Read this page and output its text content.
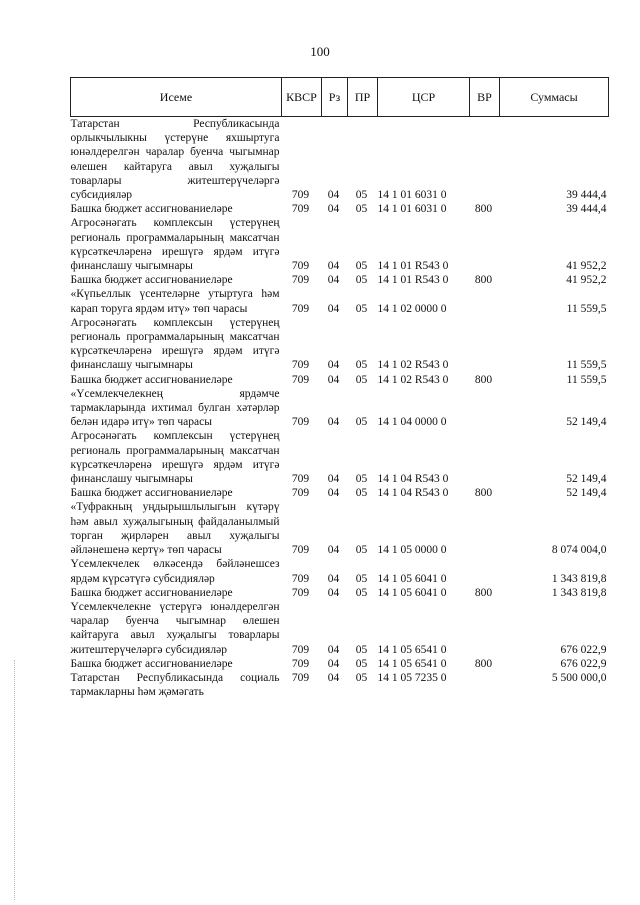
100
Исеме	КВСР	Рз	ПР	ЦСР	ВР	Суммасы
Татарстан Республикасында орлыкчылыкны үстерүне яхшыртуга юнәлдерелгән чаралар буенча чыгымнар өлешен кайтаруга авыл хуҗалыгы товарлары житештерүчеләргә субсидияләр	709	04	05	14 1 01 6031 0		39 444,4
Башка бюджет ассигнованиеләре	709	04	05	14 1 01 6031 0	800	39 444,4
Агросәнәгать комплексын үстерүнең региональ программаларының максатчан күрсәткечләренә ирешүгә ярдәм итүгә финанслашу чыгымнары	709	04	05	14 1 01 R543 0		41 952,2
Башка бюджет ассигнованиеләре	709	04	05	14 1 01 R543 0	800	41 952,2
«Күпьеллык үсентеләрне утыртуга һәм карап торуга ярдәм итү» төп чарасы	709	04	05	14 1 02 0000 0		11 559,5
Агросәнәгать комплексын үстерүнең региональ программаларының максатчан күрсәткечләренә ирешүгә ярдәм итүгә финанслашу чыгымнары	709	04	05	14 1 02 R543 0		11 559,5
Башка бюджет ассигнованиеләре	709	04	05	14 1 02 R543 0	800	11 559,5
«Үсемлекчелекнең ярдәмче тармакларында ихтимал булган хәтәрләр белән идарә итү» төп чарасы	709	04	05	14 1 04 0000 0		52 149,4
Агросәнәгать комплексын үстерүнең региональ программаларының максатчан күрсәткечләренә ирешүгә ярдәм итүгә финанслашу чыгымнары	709	04	05	14 1 04 R543 0		52 149,4
Башка бюджет ассигнованиеләре	709	04	05	14 1 04 R543 0	800	52 149,4
«Туфракның уңдырышлылыгын күтәрү һәм авыл хуҗалыгының файдаланылмый торган җирләрен авыл хуҗалыгы әйләнешенә кертү» төп чарасы	709	04	05	14 1 05 0000 0		8 074 004,0
Үсемлекчелек өлкәсендә бәйләнешсез ярдәм күрсәтүгә субсидияләр	709	04	05	14 1 05 6041 0		1 343 819,8
Башка бюджет ассигнованиеләре	709	04	05	14 1 05 6041 0	800	1 343 819,8
Үсемлекчелекне үстерүгә юнәлдерелгән чаралар буенча чыгымнар өлешен кайтаруга авыл хуҗалыгы товарлары житештерүчеләргә субсидияләр	709	04	05	14 1 05 6541 0		676 022,9
Башка бюджет ассигнованиеләре	709	04	05	14 1 05 6541 0	800	676 022,9
Татарстан Республикасында социаль тармакларны һәм җәмәгать	709	04	05	14 1 05 7235 0		5 500 000,0
